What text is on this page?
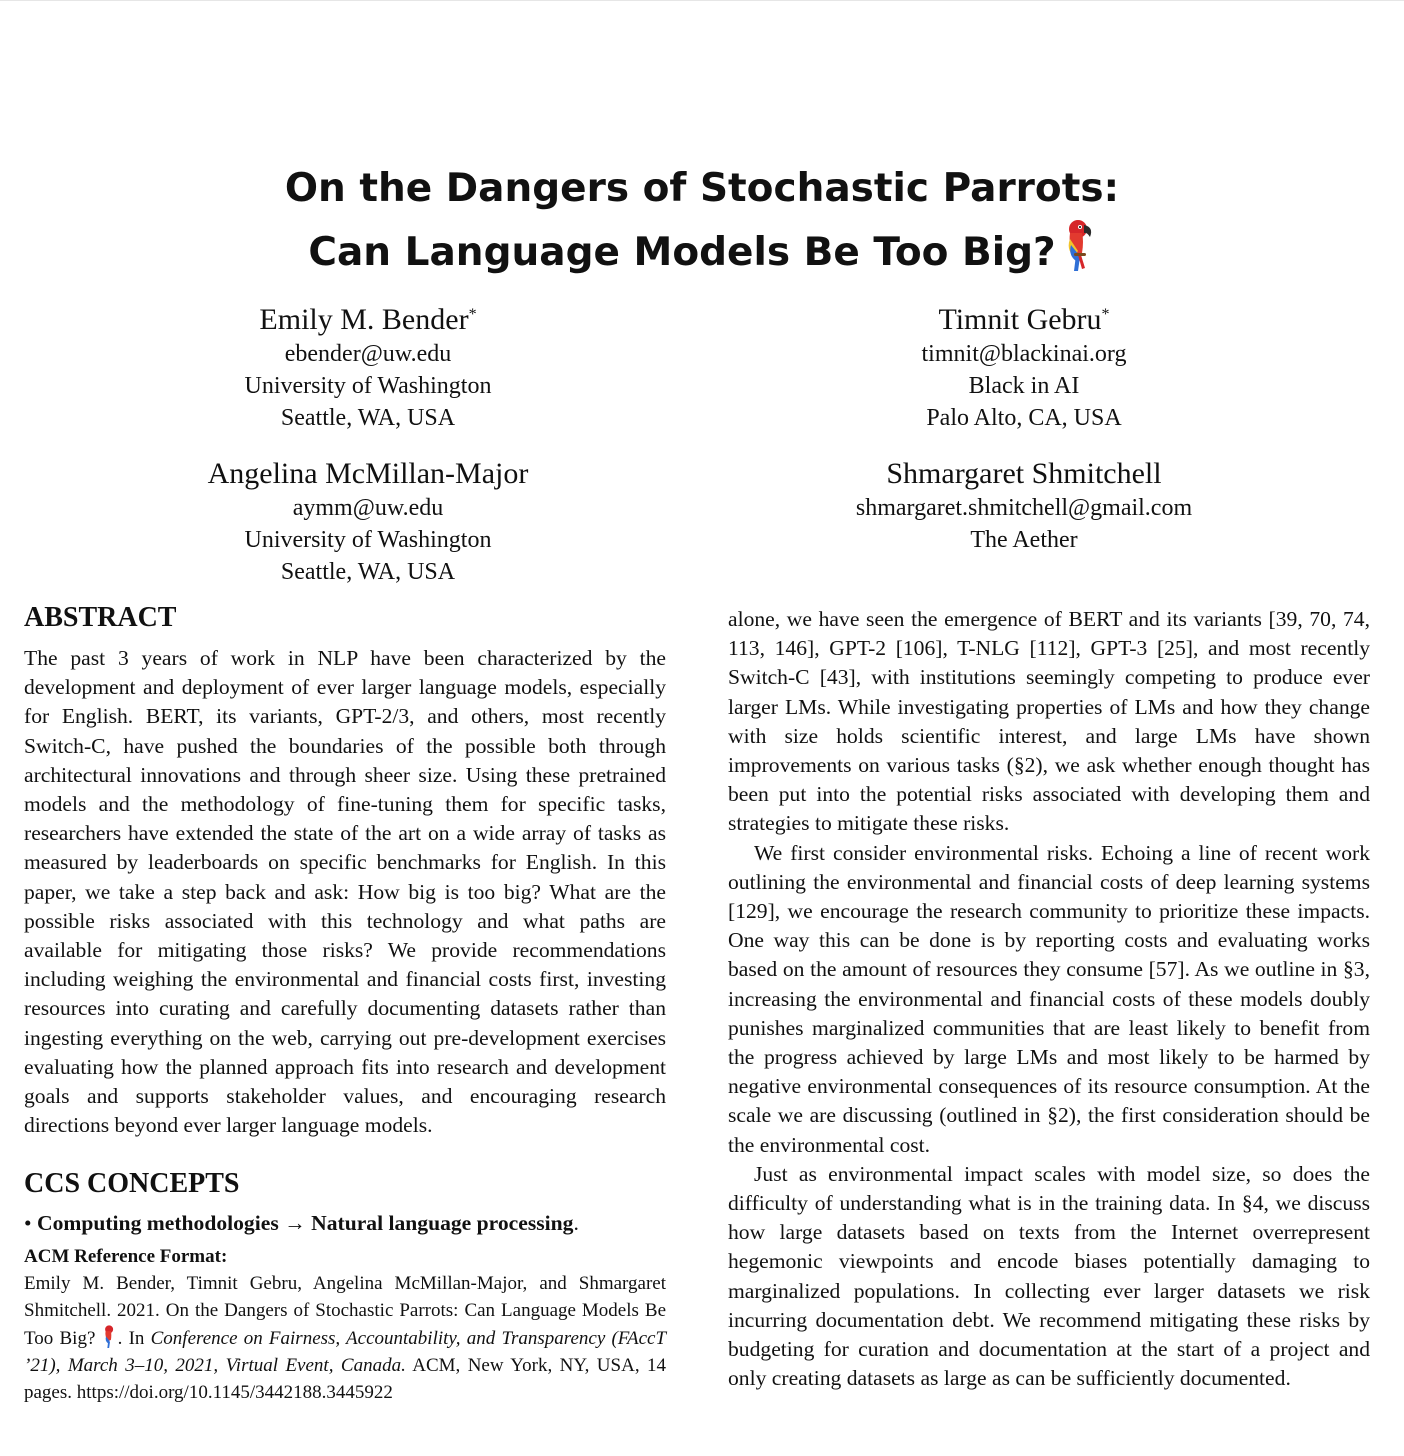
On the Dangers of Stochastic Parrots:
Can Language Models Be Too Big?
Emily M. Bender*
ebender@uw.edu
University of Washington
Seattle, WA, USA
Timnit Gebru*
timnit@blackinai.org
Black in AI
Palo Alto, CA, USA
Angelina McMillan-Major
aymm@uw.edu
University of Washington
Seattle, WA, USA
Shmargaret Shmitchell
shmargaret.shmitchell@gmail.com
The Aether
ABSTRACT

The past 3 years of work in NLP have been characterized by the development and deployment of ever larger language models, especially for English. BERT, its variants, GPT-2/3, and others, most recently Switch-C, have pushed the boundaries of the possible both through architectural innovations and through sheer size. Using these pretrained models and the methodology of fine-tuning them for specific tasks, researchers have extended the state of the art on a wide array of tasks as measured by leaderboards on specific benchmarks for English. In this paper, we take a step back and ask: How big is too big? What are the possible risks associated with this technology and what paths are available for mitigating those risks? We provide recommendations including weighing the environmental and financial costs first, investing resources into curating and carefully documenting datasets rather than ingesting everything on the web, carrying out pre-development exercises evaluating how the planned approach fits into research and development goals and supports stakeholder values, and encouraging research directions beyond ever larger language models.

CCS CONCEPTS
• Computing methodologies → Natural language processing.
ACM Reference Format:
Emily M. Bender, Timnit Gebru, Angelina McMillan-Major, and Shmargaret Shmitchell. 2021. On the Dangers of Stochastic Parrots: Can Language Models Be Too Big? . In Conference on Fairness, Accountability, and Transparency (FAccT ’21), March 3–10, 2021, Virtual Event, Canada. ACM, New York, NY, USA, 14 pages. https://doi.org/10.1145/3442188.3445922

alone, we have seen the emergence of BERT and its variants [39, 70, 74, 113, 146], GPT-2 [106], T-NLG [112], GPT-3 [25], and most recently Switch-C [43], with institutions seemingly competing to produce ever larger LMs. While investigating properties of LMs and how they change with size holds scientific interest, and large LMs have shown improvements on various tasks (§2), we ask whether enough thought has been put into the potential risks associated with developing them and strategies to mitigate these risks.

We first consider environmental risks. Echoing a line of recent work outlining the environmental and financial costs of deep learning systems [129], we encourage the research community to prioritize these impacts. One way this can be done is by reporting costs and evaluating works based on the amount of resources they consume [57]. As we outline in §3, increasing the environmental and financial costs of these models doubly punishes marginalized communities that are least likely to benefit from the progress achieved by large LMs and most likely to be harmed by negative environmental consequences of its resource consumption. At the scale we are discussing (outlined in §2), the first consideration should be the environmental cost.

Just as environmental impact scales with model size, so does the difficulty of understanding what is in the training data. In §4, we discuss how large datasets based on texts from the Internet overrepresent hegemonic viewpoints and encode biases potentially damaging to marginalized populations. In collecting ever larger datasets we risk incurring documentation debt. We recommend mitigating these risks by budgeting for curation and documentation at the start of a project and only creating datasets as large as can be sufficiently documented.
